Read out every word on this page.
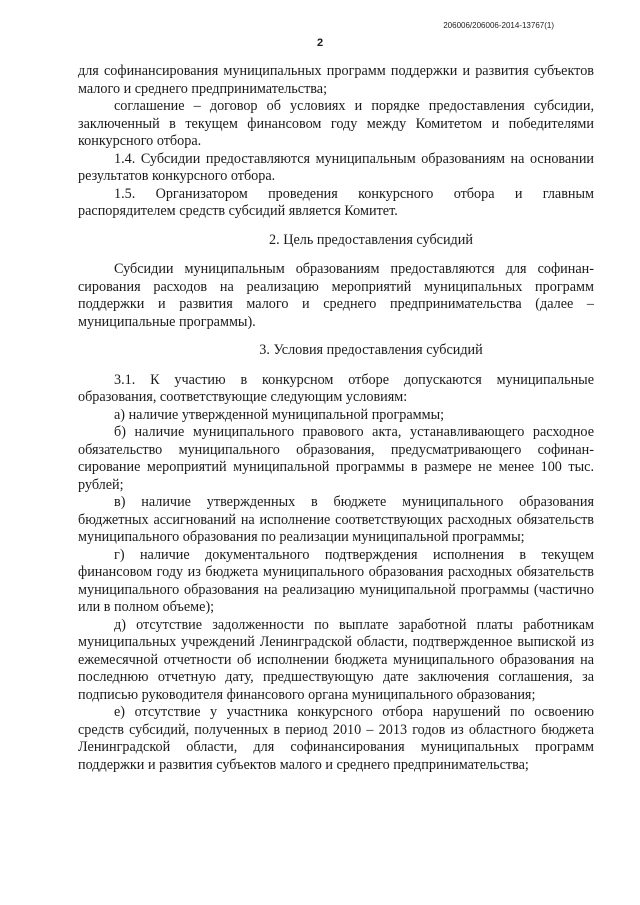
206006/206006-2014-13767(1)
2

для софинансирования муниципальных программ поддержки и развития субъектов малого и среднего предпринимательства;

соглашение – договор об условиях и порядке предоставления субсидии, заключенный в текущем финансовом году между Комитетом и победителями конкурсного отбора.

1.4. Субсидии предоставляются муниципальным образованиям на основании результатов конкурсного отбора.

1.5. Организатором проведения конкурсного отбора и главным распорядителем средств субсидий является Комитет.

2. Цель предоставления субсидий

Субсидии муниципальным образованиям предоставляются для софинан-сирования расходов на реализацию мероприятий муниципальных программ поддержки и развития малого и среднего предпринимательства (далее – муниципальные программы).

3. Условия предоставления субсидий

3.1. К участию в конкурсном отборе допускаются муниципальные образования, соответствующие следующим условиям:

а) наличие утвержденной муниципальной программы;

б) наличие муниципального правового акта, устанавливающего расходное обязательство муниципального образования, предусматривающего софинан-сирование мероприятий муниципальной программы в размере не менее 100 тыс. рублей;

в) наличие утвержденных в бюджете муниципального образования бюджетных ассигнований на исполнение соответствующих расходных обязательств муниципального образования по реализации муниципальной программы;

г) наличие документального подтверждения исполнения в текущем финансовом году из бюджета муниципального образования расходных обязательств муниципального образования на реализацию муниципальной программы (частично или в полном объеме);

д) отсутствие задолженности по выплате заработной платы работникам муниципальных учреждений Ленинградской области, подтвержденное выпиской из ежемесячной отчетности об исполнении бюджета муниципального образования на последнюю отчетную дату, предшествующую дате заключения соглашения, за подписью руководителя финансового органа муниципального образования;

е) отсутствие у участника конкурсного отбора нарушений по освоению средств субсидий, полученных в период 2010 – 2013 годов из областного бюджета Ленинградской области, для софинансирования муниципальных программ поддержки и развития субъектов малого и среднего предпринимательства;
